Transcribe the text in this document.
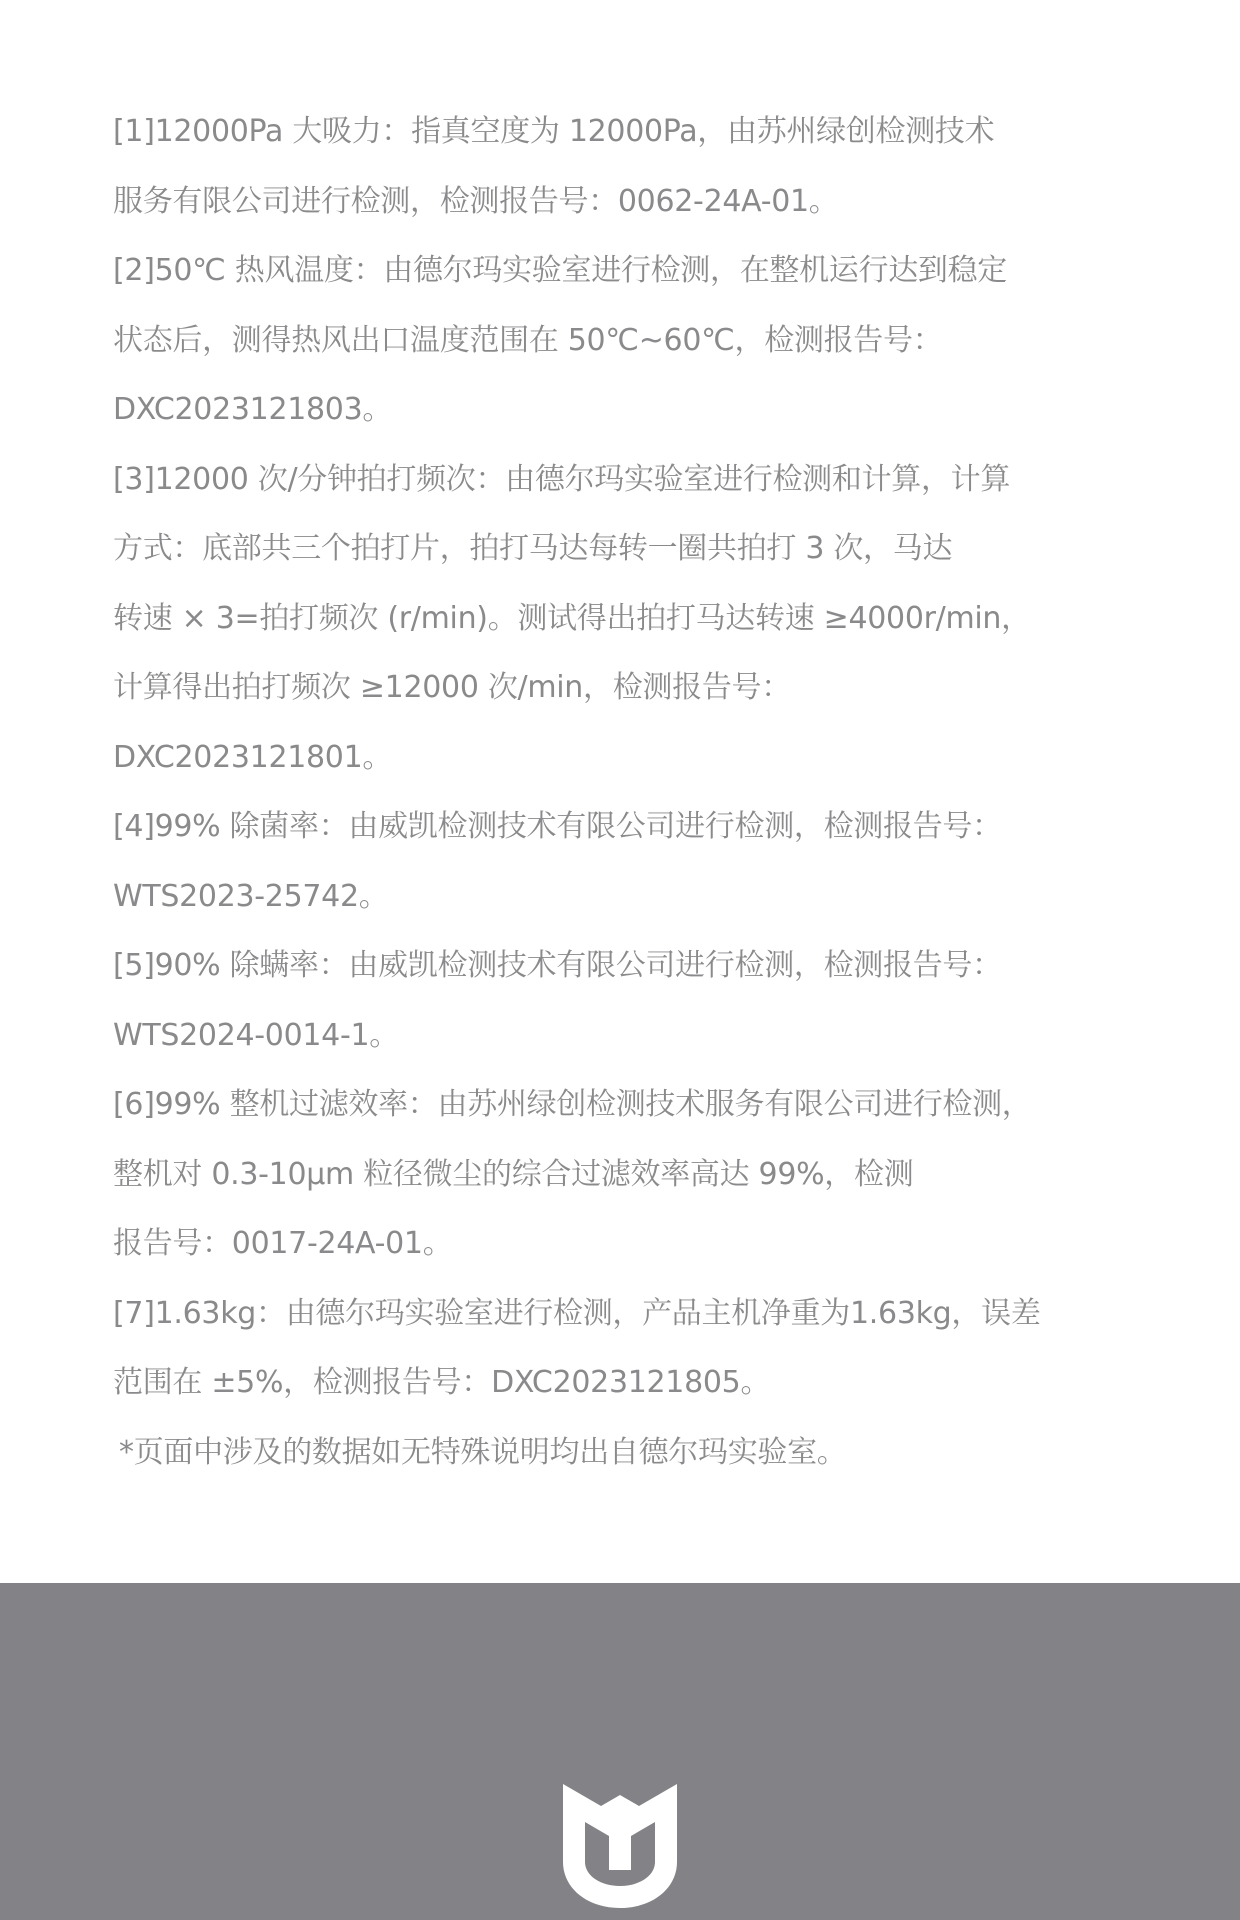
[1]12000Pa 大吸力：指真空度为 12000Pa，由苏州绿创检测技术
服务有限公司进行检测，检测报告号：0062-24A-01。
[2]50℃ 热风温度：由德尔玛实验室进行检测，在整机运行达到稳定
状态后，测得热风出口温度范围在 50℃~60℃，检测报告号：
DXC2023121803。
[3]12000 次/分钟拍打频次：由德尔玛实验室进行检测和计算，计算
方式：底部共三个拍打片，拍打马达每转一圈共拍打 3 次，马达
转速 × 3=拍打频次 (r/min)。测试得出拍打马达转速 ≥4000r/min，
计算得出拍打频次 ≥12000 次/min，检测报告号：
DXC2023121801。
[4]99% 除菌率：由威凯检测技术有限公司进行检测，检测报告号：
WTS2023-25742。
[5]90% 除螨率：由威凯检测技术有限公司进行检测，检测报告号：
WTS2024-0014-1。
[6]99% 整机过滤效率：由苏州绿创检测技术服务有限公司进行检测，
整机对 0.3-10μm 粒径微尘的综合过滤效率高达 99%，检测
报告号：0017-24A-01。
[7]1.63kg：由德尔玛实验室进行检测，产品主机净重为1.63kg，误差
范围在 ±5%，检测报告号：DXC2023121805。
*页面中涉及的数据如无特殊说明均出自德尔玛实验室。
